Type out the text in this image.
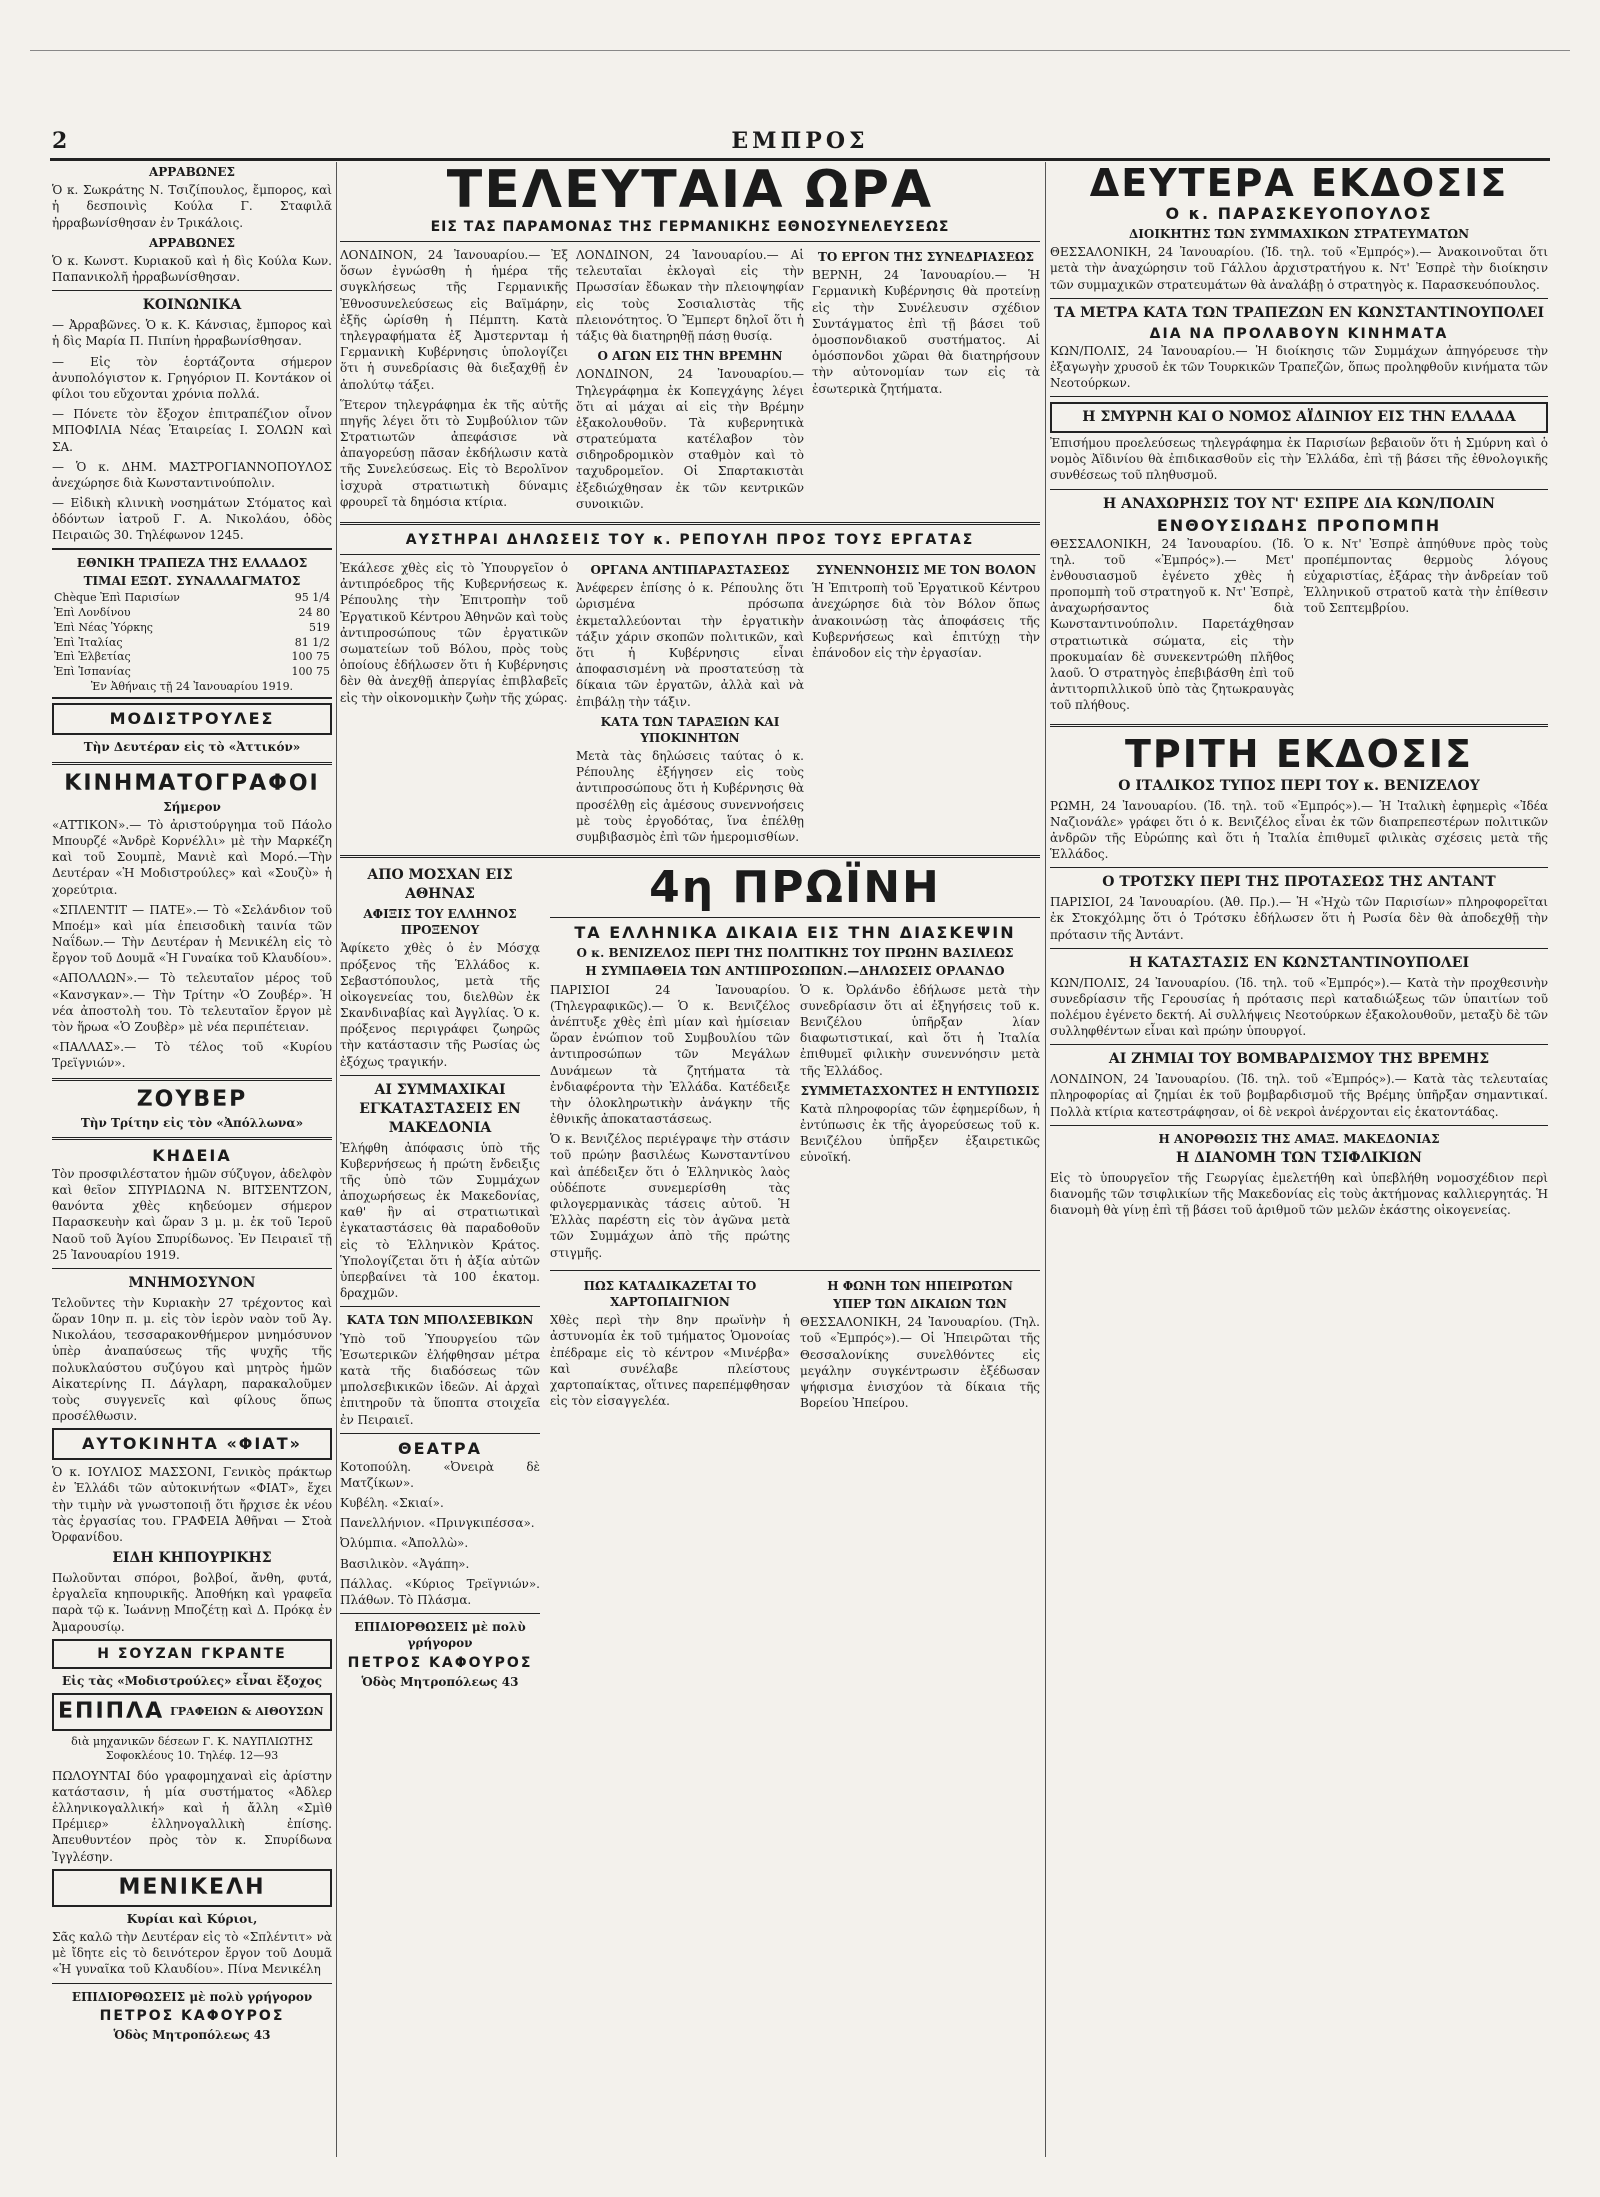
2	ΕΜΠΡΟΣ
ΑΡΡΑΒΩΝΕΣ

Ὁ κ. Σωκράτης Ν. Τσιζίπουλος, ἔμπορος, καὶ ἡ δεσποινὶς Κούλα Γ. Σταφιλᾶ ἠρραβωνίσθησαν ἐν Τρικάλοις.

ΑΡΡΑΒΩΝΕΣ

Ὁ κ. Κωνστ. Κυριακοῦ καὶ ἡ δὶς Κούλα Κων. Παπανικολῆ ἠρραβωνίσθησαν.

ΚΟΙΝΩΝΙΚΑ

— Ἀρραβῶνες. Ὁ κ. Κ. Κάνσιας, ἔμπορος καὶ ἡ δὶς Μαρία Π. Πιπίνη ἠρραβωνίσθησαν.

— Εἰς τὸν ἑορτάζοντα σήμερον ἀνυπολόγιστον κ. Γρηγόριον Π. Κοντάκον οἱ φίλοι του εὔχονται χρόνια πολλά.

— Πόνετε τὸν ἔξοχον ἐπιτραπέζιον οἶνον ΜΠΟΦΙΛΙΑ Νέας Ἑταιρείας Ι. ΣΟΛΩΝ καὶ ΣΑ.

— Ὁ κ. ΔΗΜ. ΜΑΣΤΡΟΓΙΑΝΝΟΠΟΥΛΟΣ ἀνεχώρησε διὰ Κωνσταντινούπολιν.

— Εἰδικὴ κλινικὴ νοσημάτων Στόματος καὶ ὀδόντων ἰατροῦ Γ. Α. Νικολάου, ὁδὸς Πειραιῶς 30. Τηλέφωνον 1245.

ΕΘΝΙΚΗ ΤΡΑΠΕΖΑ ΤΗΣ ΕΛΛΑΔΟΣ
ΤΙΜΑΙ ΕΞΩΤ. ΣΥΝΑΛΛΑΓΜΑΤΟΣ
Chèque Ἐπὶ Παρισίων	95 1/4
Ἐπὶ Λονδίνου	24 80
Ἐπὶ Νέας Ὑόρκης	519
Ἐπὶ Ἰταλίας	81 1/2
Ἐπὶ Ἑλβετίας	100 75
Ἐπὶ Ἱσπανίας	100 75
Ἐν Ἀθήναις τῇ 24 Ἰανουαρίου 1919.
ΜΟΔΙΣΤΡΟΥΛΕΣ
Τὴν Δευτέραν εἰς τὸ «Ἀττικόν»
ΚΙΝΗΜΑΤΟΓΡΑΦΟΙ
Σήμερον

«ΑΤΤΙΚΟΝ».— Τὸ ἀριστούργημα τοῦ Πάολο Μπουρζέ «Ἀνδρὲ Κορνέλλι» μὲ τὴν Μαρκέζη καὶ τοῦ Σουμπὲ, Μανιὲ καὶ Μορό.—Τὴν Δευτέραν «Ἡ Μοδιστρούλες» καὶ «Σουζὺ» ἡ χορεύτρια.

«ΣΠΛΕΝΤΙΤ — ΠΑΤΕ».— Τὸ «Σελάνδιον τοῦ Μποέμ» καὶ μία ἐπεισοδικὴ ταινία τῶν Ναΐδων.— Τὴν Δευτέραν ἡ Μενικέλη εἰς τὸ ἔργον τοῦ Δουμᾶ «Ἡ Γυναίκα τοῦ Κλαυδίου».

«ΑΠΟΛΛΩΝ».— Τὸ τελευταῖον μέρος τοῦ «Κανσγκαν».— Τὴν Τρίτην «Ὁ Ζουβέρ». Ἡ νέα ἀποστολὴ του. Τὸ τελευταῖον ἔργον μὲ τὸν ἥρωα «Ὁ Ζουβὲρ» μὲ νέα περιπέτειαν.

«ΠΑΛΛΑΣ».— Τὸ τέλος τοῦ «Κυρίου Τρεϊγνιών».

ΖΟΥΒΕΡ
Τὴν Τρίτην εἰς τὸν «Ἀπόλλωνα»
ΚΗΔΕΙΑ

Τὸν προσφιλέστατον ἡμῶν σύζυγον, ἀδελφὸν καὶ θεῖον ΣΠΥΡΙΔΩΝΑ Ν. ΒΙΤΣΕΝΤΖΟΝ, θανόντα χθὲς κηδεύομεν σήμερον Παρασκευὴν καὶ ὥραν 3 μ. μ. ἐκ τοῦ Ἱεροῦ Ναοῦ τοῦ Ἁγίου Σπυρίδωνος. Ἐν Πειραιεῖ τῇ 25 Ἰανουαρίου 1919.

ΜΝΗΜΟΣΥΝΟΝ

Τελοῦντες τὴν Κυριακὴν 27 τρέχοντος καὶ ὥραν 10ην π. μ. εἰς τὸν ἱερὸν ναὸν τοῦ Ἁγ. Νικολάου, τεσσαρακονθήμερον μνημόσυνον ὑπὲρ ἀναπαύσεως τῆς ψυχῆς τῆς πολυκλαύστου συζύγου καὶ μητρὸς ἡμῶν Αἰκατερίνης Π. Δάγλαρη, παρακαλοῦμεν τοὺς συγγενεῖς καὶ φίλους ὅπως προσέλθωσιν.

ΑΥΤΟΚΙΝΗΤΑ «ΦΙΑΤ»

Ὁ κ. ΙΟΥΛΙΟΣ ΜΑΣΣΟΝΙ, Γενικὸς πράκτωρ ἐν Ἑλλάδι τῶν αὐτοκινήτων «ΦΙΑΤ», ἔχει τὴν τιμὴν νὰ γνωστοποιῇ ὅτι ἤρχισε ἐκ νέου τὰς ἐργασίας του. ΓΡΑΦΕΙΑ Ἀθῆναι — Στοὰ Ὀρφανίδου.

ΕΙΔΗ ΚΗΠΟΥΡΙΚΗΣ

Πωλοῦνται σπόροι, βολβοί, ἄνθη, φυτά, ἐργαλεῖα κηπουρικῆς. Ἀποθήκη καὶ γραφεῖα παρὰ τῷ κ. Ἰωάννῃ Μποζέτῃ καὶ Δ. Πρόκᾳ ἐν Ἀμαρουσίῳ.

Η ΣΟΥΖΑΝ ΓΚΡΑΝΤΕ
Εἰς τὰς «Μοδιστρούλες» εἶναι ἔξοχος
ΕΠΙΠΛΑ ΓΡΑΦΕΙΩΝ & ΑΙΘΟΥΣΩΝ

διὰ μηχανικῶν δέσεων Γ. Κ. ΝΑΥΠΛΙΩΤΗΣ Σοφοκλέους 10. Τηλέφ. 12—93

ΠΩΛΟΥΝΤΑΙ δύο γραφομηχαναὶ εἰς ἀρίστην κατάστασιν, ἡ μία συστήματος «Ἀδλερ ἑλληνικογαλλική» καὶ ἡ ἄλλη «Σμὶθ Πρέμιερ» ἑλληνογαλλικὴ ἐπίσης. Ἀπευθυντέον πρὸς τὸν κ. Σπυρίδωνα Ἰγγλέσην.

ΜΕΝΙΚΕΛΗ
Κυρίαι καὶ Κύριοι,

Σᾶς καλῶ τὴν Δευτέραν εἰς τὸ «Σπλέντιτ» νὰ μὲ ἴδητε εἰς τὸ δεινότερον ἔργον τοῦ Δουμᾶ «Ἡ γυναῖκα τοῦ Κλαυδίου». Πίνα Μενικέλη

ΕΠΙΔΙΟΡΘΩΣΕΙΣ μὲ πολὺ γρήγορον
ΠΕΤΡΟΣ ΚΑΦΟΥΡΟΣ
Ὁδὸς Μητροπόλεως 43
ΤΕΛΕΥΤΑΙΑ ΩΡΑ
ΕΙΣ ΤΑΣ ΠΑΡΑΜΟΝΑΣ ΤΗΣ ΓΕΡΜΑΝΙΚΗΣ ΕΘΝΟΣΥΝΕΛΕΥΣΕΩΣ

ΛΟΝΔΙΝΟΝ, 24 Ἰανουαρίου.— Ἐξ ὅσων ἐγνώσθη ἡ ἡμέρα τῆς συγκλήσεως τῆς Γερμανικῆς Ἐθνοσυνελεύσεως εἰς Βαϊμάρην, ἐξῆς ὡρίσθη ἡ Πέμπτη. Κατὰ τηλεγραφήματα ἐξ Ἀμστερνταμ ἡ Γερμανικὴ Κυβέρνησις ὑπολογίζει ὅτι ἡ συνεδρίασις θὰ διεξαχθῇ ἐν ἀπολύτῳ τάξει.

Ἕτερον τηλεγράφημα ἐκ τῆς αὐτῆς πηγῆς λέγει ὅτι τὸ Συμβούλιον τῶν Στρατιωτῶν ἀπεφάσισε νὰ ἀπαγορεύσῃ πᾶσαν ἐκδήλωσιν κατὰ τῆς Συνελεύσεως. Εἰς τὸ Βερολῖνον ἰσχυρὰ στρατιωτικὴ δύναμις φρουρεῖ τὰ δημόσια κτίρια.

ΛΟΝΔΙΝΟΝ, 24 Ἰανουαρίου.— Αἱ τελευταῖαι ἐκλογαὶ εἰς τὴν Πρωσσίαν ἔδωκαν τὴν πλειοψηφίαν εἰς τοὺς Σοσιαλιστὰς τῆς πλειονότητος. Ὁ Ἔμπερτ δηλοῖ ὅτι ἡ τάξις θὰ διατηρηθῇ πάσῃ θυσίᾳ.

Ο ΑΓΩΝ ΕΙΣ ΤΗΝ ΒΡΕΜΗΝ

ΛΟΝΔΙΝΟΝ, 24 Ἰανουαρίου.— Τηλεγράφημα ἐκ Κοπεγχάγης λέγει ὅτι αἱ μάχαι αἱ εἰς τὴν Βρέμην ἐξακολουθοῦν. Τὰ κυβερνητικὰ στρατεύματα κατέλαβον τὸν σιδηροδρομικὸν σταθμὸν καὶ τὸ ταχυδρομεῖον. Οἱ Σπαρτακιστὰι ἐξεδιώχθησαν ἐκ τῶν κεντρικῶν συνοικιῶν.

ΤΟ ΕΡΓΟΝ ΤΗΣ ΣΥΝΕΔΡΙΑΣΕΩΣ

ΒΕΡΝΗ, 24 Ἰανουαρίου.— Ἡ Γερμανικὴ Κυβέρνησις θὰ προτείνῃ εἰς τὴν Συνέλευσιν σχέδιον Συντάγματος ἐπὶ τῇ βάσει τοῦ ὁμοσπονδιακοῦ συστήματος. Αἱ ὁμόσπονδοι χῶραι θὰ διατηρήσουν τὴν αὐτονομίαν των εἰς τὰ ἐσωτερικὰ ζητήματα.

ΑΥΣΤΗΡΑΙ ΔΗΛΩΣΕΙΣ ΤΟΥ κ. ΡΕΠΟΥΛΗ ΠΡΟΣ ΤΟΥΣ ΕΡΓΑΤΑΣ

Ἐκάλεσε χθὲς εἰς τὸ Ὑπουργεῖον ὁ ἀντιπρόεδρος τῆς Κυβερνήσεως κ. Ρέπουλης τὴν Ἐπιτροπὴν τοῦ Ἐργατικοῦ Κέντρου Ἀθηνῶν καὶ τοὺς ἀντιπροσώπους τῶν ἐργατικῶν σωματείων τοῦ Βόλου, πρὸς τοὺς ὁποίους ἐδήλωσεν ὅτι ἡ Κυβέρνησις δὲν θὰ ἀνεχθῇ ἀπεργίας ἐπιβλαβεῖς εἰς τὴν οἰκονομικὴν ζωὴν τῆς χώρας.

ΟΡΓΑΝΑ ΑΝΤΙΠΑΡΑΣΤΑΣΕΩΣ

Ἀνέφερεν ἐπίσης ὁ κ. Ρέπουλης ὅτι ὡρισμένα πρόσωπα ἐκμεταλλεύονται τὴν ἐργατικὴν τάξιν χάριν σκοπῶν πολιτικῶν, καὶ ὅτι ἡ Κυβέρνησις εἶναι ἀποφασισμένη νὰ προστατεύσῃ τὰ δίκαια τῶν ἐργατῶν, ἀλλὰ καὶ νὰ ἐπιβάλῃ τὴν τάξιν.

ΚΑΤΑ ΤΩΝ ΤΑΡΑΞΙΩΝ ΚΑΙ ΥΠΟΚΙΝΗΤΩΝ

Μετὰ τὰς δηλώσεις ταύτας ὁ κ. Ρέπουλης ἐξήγησεν εἰς τοὺς ἀντιπροσώπους ὅτι ἡ Κυβέρνησις θὰ προσέλθῃ εἰς ἀμέσους συνεννοήσεις μὲ τοὺς ἐργοδότας, ἵνα ἐπέλθῃ συμβιβασμὸς ἐπὶ τῶν ἡμερομισθίων.

ΣΥΝΕΝΝΟΗΣΙΣ ΜΕ ΤΟΝ ΒΟΛΟΝ

Ἡ Ἐπιτροπὴ τοῦ Ἐργατικοῦ Κέντρου ἀνεχώρησε διὰ τὸν Βόλον ὅπως ἀνακοινώσῃ τὰς ἀποφάσεις τῆς Κυβερνήσεως καὶ ἐπιτύχῃ τὴν ἐπάνοδον εἰς τὴν ἐργασίαν.

ΑΠΟ ΜΟΣΧΑΝ ΕΙΣ ΑΘΗΝΑΣ
ΑΦΙΞΙΣ ΤΟΥ ΕΛΛΗΝΟΣ ΠΡΟΞΕΝΟΥ

Ἀφίκετο χθὲς ὁ ἐν Μόσχᾳ πρόξενος τῆς Ἑλλάδος κ. Σεβαστόπουλος, μετὰ τῆς οἰκογενείας του, διελθὼν ἐκ Σκανδιναβίας καὶ Ἀγγλίας. Ὁ κ. πρόξενος περιγράφει ζωηρῶς τὴν κατάστασιν τῆς Ρωσίας ὡς ἐξόχως τραγικήν.

ΑΙ ΣΥΜΜΑΧΙΚΑΙ ΕΓΚΑΤΑΣΤΑΣΕΙΣ ΕΝ ΜΑΚΕΔΟΝΙΑ

Ἐλήφθη ἀπόφασις ὑπὸ τῆς Κυβερνήσεως ἡ πρώτη ἔνδειξις τῆς ὑπὸ τῶν Συμμάχων ἀποχωρήσεως ἐκ Μακεδονίας, καθ' ἣν αἱ στρατιωτικαὶ ἐγκαταστάσεις θὰ παραδοθοῦν εἰς τὸ Ἑλληνικὸν Κράτος. Ὑπολογίζεται ὅτι ἡ ἀξία αὐτῶν ὑπερβαίνει τὰ 100 ἑκατομ. δραχμῶν.

ΚΑΤΑ ΤΩΝ ΜΠΟΛΣΕΒΙΚΩΝ

Ὑπὸ τοῦ Ὑπουργείου τῶν Ἐσωτερικῶν ἐλήφθησαν μέτρα κατὰ τῆς διαδόσεως τῶν μπολσεβικικῶν ἰδεῶν. Αἱ ἀρχαὶ ἐπιτηροῦν τὰ ὕποπτα στοιχεῖα ἐν Πειραιεῖ.

ΘΕΑΤΡΑ

Κοτοπούλη. «Ὀνειρὰ δὲ Ματζίκων».

Κυβέλη. «Σκιαί».

Πανελλήνιον. «Πρινγκιπέσσα».

Ὀλύμπια. «Ἀπολλὼ».

Βασιλικὸν. «Ἀγάπη».

Πάλλας. «Κύριος Τρεϊγνιών». Πλάθων. Τὸ Πλάσμα.

ΕΠΙΔΙΟΡΘΩΣΕΙΣ μὲ πολὺ γρήγορον
ΠΕΤΡΟΣ ΚΑΦΟΥΡΟΣ
Ὁδὸς Μητροπόλεως 43
4η ΠΡΩΪΝΗ
ΤΑ ΕΛΛΗΝΙΚΑ ΔΙΚΑΙΑ ΕΙΣ ΤΗΝ ΔΙΑΣΚΕΨΙΝ
Ο κ. ΒΕΝΙΖΕΛΟΣ ΠΕΡΙ ΤΗΣ ΠΟΛΙΤΙΚΗΣ ΤΟΥ ΠΡΩΗΝ ΒΑΣΙΛΕΩΣ
Η ΣΥΜΠΑΘΕΙΑ ΤΩΝ ΑΝΤΙΠΡΟΣΩΠΩΝ.—ΔΗΛΩΣΕΙΣ ΟΡΛΑΝΔΟ

ΠΑΡΙΣΙΟΙ 24 Ἰανουαρίου. (Τηλεγραφικῶς).— Ὁ κ. Βενιζέλος ἀνέπτυξε χθὲς ἐπὶ μίαν καὶ ἡμίσειαν ὥραν ἐνώπιον τοῦ Συμβουλίου τῶν ἀντιπροσώπων τῶν Μεγάλων Δυνάμεων τὰ ζητήματα τὰ ἐνδιαφέροντα τὴν Ἑλλάδα. Κατέδειξε τὴν ὁλοκληρωτικὴν ἀνάγκην τῆς ἐθνικῆς ἀποκαταστάσεως.

Ὁ κ. Βενιζέλος περιέγραψε τὴν στάσιν τοῦ πρώην βασιλέως Κωνσταντίνου καὶ ἀπέδειξεν ὅτι ὁ Ἑλληνικὸς λαὸς οὐδέποτε συνεμερίσθη τὰς φιλογερμανικὰς τάσεις αὐτοῦ. Ἡ Ἑλλὰς παρέστη εἰς τὸν ἀγῶνα μετὰ τῶν Συμμάχων ἀπὸ τῆς πρώτης στιγμῆς.

Ὁ κ. Ὀρλάνδο ἐδήλωσε μετὰ τὴν συνεδρίασιν ὅτι αἱ ἐξηγήσεις τοῦ κ. Βενιζέλου ὑπῆρξαν λίαν διαφωτιστικαί, καὶ ὅτι ἡ Ἰταλία ἐπιθυμεῖ φιλικὴν συνεννόησιν μετὰ τῆς Ἑλλάδος.

ΣΥΜΜΕΤΑΣΧΟΝΤΕΣ Η ΕΝΤΥΠΩΣΙΣ

Κατὰ πληροφορίας τῶν ἐφημερίδων, ἡ ἐντύπωσις ἐκ τῆς ἀγορεύσεως τοῦ κ. Βενιζέλου ὑπῆρξεν ἐξαιρετικῶς εὐνοϊκή.

ΠΩΣ ΚΑΤΑΔΙΚΑΖΕΤΑΙ ΤΟ ΧΑΡΤΟΠΑΙΓΝΙΟΝ

Χθὲς περὶ τὴν 8ην πρωϊνὴν ἡ ἀστυνομία ἐκ τοῦ τμήματος Ὁμονοίας ἐπέδραμε εἰς τὸ κέντρον «Μινέρβα» καὶ συνέλαβε πλείστους χαρτοπαίκτας, οἵτινες παρεπέμφθησαν εἰς τὸν εἰσαγγελέα.

Η ΦΩΝΗ ΤΩΝ ΗΠΕΙΡΩΤΩΝ
ΥΠΕΡ ΤΩΝ ΔΙΚΑΙΩΝ ΤΩΝ

ΘΕΣΣΑΛΟΝΙΚΗ, 24 Ἰανουαρίου. (Τηλ. τοῦ «Ἐμπρός»).— Οἱ Ἠπειρῶται τῆς Θεσσαλονίκης συνελθόντες εἰς μεγάλην συγκέντρωσιν ἐξέδωσαν ψήφισμα ἐνισχύον τὰ δίκαια τῆς Βορείου Ἠπείρου.

ΔΕΥΤΕΡΑ ΕΚΔΟΣΙΣ
Ο κ. ΠΑΡΑΣΚΕΥΟΠΟΥΛΟΣ
ΔΙΟΙΚΗΤΗΣ ΤΩΝ ΣΥΜΜΑΧΙΚΩΝ ΣΤΡΑΤΕΥΜΑΤΩΝ

ΘΕΣΣΑΛΟΝΙΚΗ, 24 Ἰανουαρίου. (Ἰδ. τηλ. τοῦ «Ἐμπρός»).— Ἀνακοινοῦται ὅτι μετὰ τὴν ἀναχώρησιν τοῦ Γάλλου ἀρχιστρατήγου κ. Ντ' Ἐσπρὲ τὴν διοίκησιν τῶν συμμαχικῶν στρατευμάτων θὰ ἀναλάβῃ ὁ στρατηγὸς κ. Παρασκευόπουλος.

ΤΑ ΜΕΤΡΑ ΚΑΤΑ ΤΩΝ ΤΡΑΠΕΖΩΝ ΕΝ ΚΩΝΣΤΑΝΤΙΝΟΥΠΟΛΕΙ
ΔΙΑ ΝΑ ΠΡΟΛΑΒΟΥΝ ΚΙΝΗΜΑΤΑ

ΚΩΝ/ΠΟΛΙΣ, 24 Ἰανουαρίου.— Ἡ διοίκησις τῶν Συμμάχων ἀπηγόρευσε τὴν ἐξαγωγὴν χρυσοῦ ἐκ τῶν Τουρκικῶν Τραπεζῶν, ὅπως προληφθοῦν κινήματα τῶν Νεοτούρκων.

Η ΣΜΥΡΝΗ ΚΑΙ Ο ΝΟΜΟΣ ΑΪΔΙΝΙΟΥ ΕΙΣ ΤΗΝ ΕΛΛΑΔΑ

Ἐπισήμου προελεύσεως τηλεγράφημα ἐκ Παρισίων βεβαιοῦν ὅτι ἡ Σμύρνη καὶ ὁ νομὸς Ἀϊδινίου θὰ ἐπιδικασθοῦν εἰς τὴν Ἑλλάδα, ἐπὶ τῇ βάσει τῆς ἐθνολογικῆς συνθέσεως τοῦ πληθυσμοῦ.

Η ΑΝΑΧΩΡΗΣΙΣ ΤΟΥ ΝΤ' ΕΣΠΡΕ ΔΙΑ ΚΩΝ/ΠΟΛΙΝ
ΕΝΘΟΥΣΙΩΔΗΣ ΠΡΟΠΟΜΠΗ

ΘΕΣΣΑΛΟΝΙΚΗ, 24 Ἰανουαρίου. (Ἰδ. τηλ. τοῦ «Ἐμπρός»).— Μετ' ἐνθουσιασμοῦ ἐγένετο χθὲς ἡ προπομπὴ τοῦ στρατηγοῦ κ. Ντ' Ἐσπρὲ, ἀναχωρήσαντος διὰ Κωνσταντινούπολιν. Παρετάχθησαν στρατιωτικὰ σώματα, εἰς τὴν προκυμαίαν δὲ συνεκεντρώθη πλῆθος λαοῦ. Ὁ στρατηγὸς ἐπεβιβάσθη ἐπὶ τοῦ ἀντιτορπιλλικοῦ ὑπὸ τὰς ζητωκραυγὰς τοῦ πλήθους.

Ὁ κ. Ντ' Ἐσπρὲ ἀπηύθυνε πρὸς τοὺς προπέμποντας θερμοὺς λόγους εὐχαριστίας, ἐξάρας τὴν ἀνδρείαν τοῦ Ἑλληνικοῦ στρατοῦ κατὰ τὴν ἐπίθεσιν τοῦ Σεπτεμβρίου.

ΤΡΙΤΗ ΕΚΔΟΣΙΣ
Ο ΙΤΑΛΙΚΟΣ ΤΥΠΟΣ ΠΕΡΙ ΤΟΥ κ. ΒΕΝΙΖΕΛΟΥ

ΡΩΜΗ, 24 Ἰανουαρίου. (Ἰδ. τηλ. τοῦ «Ἐμπρός»).— Ἡ Ἰταλικὴ ἐφημερὶς «Ἰδέα Ναζιονάλε» γράφει ὅτι ὁ κ. Βενιζέλος εἶναι ἐκ τῶν διαπρεπεστέρων πολιτικῶν ἀνδρῶν τῆς Εὐρώπης καὶ ὅτι ἡ Ἰταλία ἐπιθυμεῖ φιλικὰς σχέσεις μετὰ τῆς Ἑλλάδος.

Ο ΤΡΟΤΣΚΥ ΠΕΡΙ ΤΗΣ ΠΡΟΤΑΣΕΩΣ ΤΗΣ ΑΝΤΑΝΤ

ΠΑΡΙΣΙΟΙ, 24 Ἰανουαρίου. (Ἀθ. Πρ.).— Ἡ «Ἠχὼ τῶν Παρισίων» πληροφορεῖται ἐκ Στοκχόλμης ὅτι ὁ Τρότσκυ ἐδήλωσεν ὅτι ἡ Ρωσία δὲν θὰ ἀποδεχθῇ τὴν πρότασιν τῆς Ἀντάντ.

Η ΚΑΤΑΣΤΑΣΙΣ ΕΝ ΚΩΝΣΤΑΝΤΙΝΟΥΠΟΛΕΙ

ΚΩΝ/ΠΟΛΙΣ, 24 Ἰανουαρίου. (Ἰδ. τηλ. τοῦ «Ἐμπρός»).— Κατὰ τὴν προχθεσινὴν συνεδρίασιν τῆς Γερουσίας ἡ πρότασις περὶ καταδιώξεως τῶν ὑπαιτίων τοῦ πολέμου ἐγένετο δεκτή. Αἱ συλλήψεις Νεοτούρκων ἐξακολουθοῦν, μεταξὺ δὲ τῶν συλληφθέντων εἶναι καὶ πρώην ὑπουργοί.

ΑΙ ΖΗΜΙΑΙ ΤΟΥ ΒΟΜΒΑΡΔΙΣΜΟΥ ΤΗΣ ΒΡΕΜΗΣ

ΛΟΝΔΙΝΟΝ, 24 Ἰανουαρίου. (Ἰδ. τηλ. τοῦ «Ἐμπρός»).— Κατὰ τὰς τελευταίας πληροφορίας αἱ ζημίαι ἐκ τοῦ βομβαρδισμοῦ τῆς Βρέμης ὑπῆρξαν σημαντικαί. Πολλὰ κτίρια κατεστράφησαν, οἱ δὲ νεκροὶ ἀνέρχονται εἰς ἑκατοντάδας.

Η ΑΝΟΡΘΩΣΙΣ ΤΗΣ ΑΜΑΞ. ΜΑΚΕΔΟΝΙΑΣ
Η ΔΙΑΝΟΜΗ ΤΩΝ ΤΣΙΦΛΙΚΙΩΝ

Εἰς τὸ ὑπουργεῖον τῆς Γεωργίας ἐμελετήθη καὶ ὑπεβλήθη νομοσχέδιον περὶ διανομῆς τῶν τσιφλικίων τῆς Μακεδονίας εἰς τοὺς ἀκτήμονας καλλιεργητάς. Ἡ διανομὴ θὰ γίνῃ ἐπὶ τῇ βάσει τοῦ ἀριθμοῦ τῶν μελῶν ἑκάστης οἰκογενείας.
